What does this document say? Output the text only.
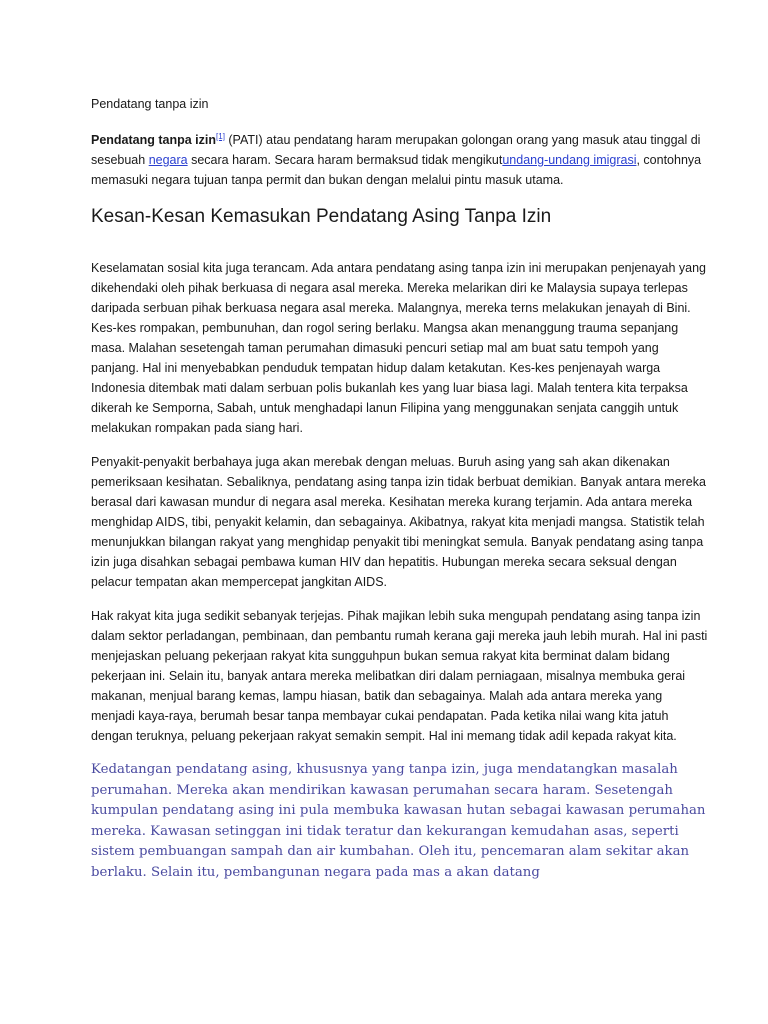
Pendatang tanpa izin

Pendatang tanpa izin[1] (PATI) atau pendatang haram merupakan golongan orang yang masuk atau tinggal di sesebuah negara secara haram. Secara haram bermaksud tidak mengikutundang-undang imigrasi, contohnya memasuki negara tujuan tanpa permit dan bukan dengan melalui pintu masuk utama.

Kesan-Kesan Kemasukan Pendatang Asing Tanpa Izin

Keselamatan sosial kita juga terancam. Ada antara pendatang asing tanpa izin ini merupakan penjenayah yang dikehendaki oleh pihak berkuasa di negara asal mereka. Mereka melarikan diri ke Malaysia supaya terlepas daripada serbuan pihak berkuasa negara asal mereka. Malangnya, mereka terns melakukan jenayah di Bini. Kes-kes rompakan, pembunuhan, dan rogol sering berlaku. Mangsa akan menanggung trauma sepanjang masa. Malahan sesetengah taman perumahan dimasuki pencuri setiap mal am buat satu tempoh yang panjang. Hal ini menyebabkan penduduk tempatan hidup dalam ketakutan. Kes-kes penjenayah warga Indonesia ditembak mati dalam serbuan polis bukanlah kes yang luar biasa lagi. Malah tentera kita terpaksa dikerah ke Semporna, Sabah, untuk menghadapi lanun Filipina yang menggunakan senjata canggih untuk melakukan rompakan pada siang hari.

Penyakit-penyakit berbahaya juga akan merebak dengan meluas. Buruh asing yang sah akan dikenakan pemeriksaan kesihatan. Sebaliknya, pendatang asing tanpa izin tidak berbuat demikian. Banyak antara mereka berasal dari kawasan mundur di negara asal mereka. Kesihatan mereka kurang terjamin. Ada antara mereka menghidap AIDS, tibi, penyakit kelamin, dan sebagainya. Akibatnya, rakyat kita menjadi mangsa. Statistik telah menunjukkan bilangan rakyat yang menghidap penyakit tibi meningkat semula. Banyak pendatang asing tanpa izin juga disahkan sebagai pembawa kuman HIV dan hepatitis. Hubungan mereka secara seksual dengan pelacur tempatan akan mempercepat jangkitan AIDS.

Hak rakyat kita juga sedikit sebanyak terjejas. Pihak majikan lebih suka mengupah pendatang asing tanpa izin dalam sektor perladangan, pembinaan, dan pembantu rumah kerana gaji mereka jauh lebih murah. Hal ini pasti menjejaskan peluang pekerjaan rakyat kita sungguhpun bukan semua rakyat kita berminat dalam bidang pekerjaan ini. Selain itu, banyak antara mereka melibatkan diri dalam perniagaan, misalnya membuka gerai makanan, menjual barang kemas, lampu hiasan, batik dan sebagainya. Malah ada antara mereka yang menjadi kaya-raya, berumah besar tanpa membayar cukai pendapatan. Pada ketika nilai wang kita jatuh dengan teruknya, peluang pekerjaan rakyat semakin sempit. Hal ini memang tidak adil kepada rakyat kita.

Kedatangan pendatang asing, khususnya yang tanpa izin, juga mendatangkan masalah perumahan. Mereka akan mendirikan kawasan perumahan secara haram. Sesetengah kumpulan pendatang asing ini pula membuka kawasan hutan sebagai kawasan perumahan mereka. Kawasan setinggan ini tidak teratur dan kekurangan kemudahan asas, seperti sistem pembuangan sampah dan air kumbahan. Oleh itu, pencemaran alam sekitar akan berlaku. Selain itu, pembangunan negara pada mas a akan datang
